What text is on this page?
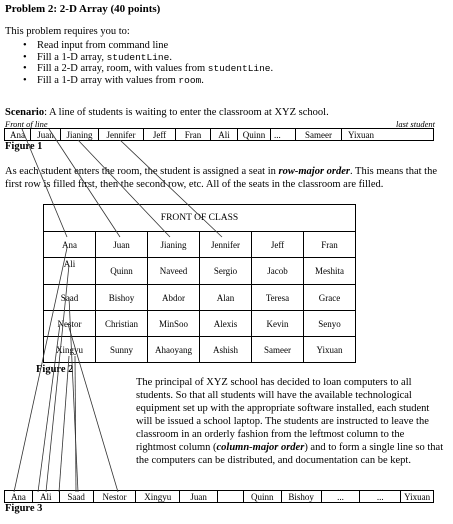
Problem 2: 2-D Array (40 points)
This problem requires you to:
• Read input from command line
• Fill a 1-D array, studentLine.
• Fill a 2-D array, room, with values from studentLine.
• Fill a 1-D array with values from room.
Scenario: A line of students is waiting to enter the classroom at XYZ school.
Front of line	last student
Ana	Juan	Jianing	Jennifer	Jeff	Fran	Ali	Quinn ...	Sameer	Yixuan
Figure 1
As each student enters the room, the student is assigned a seat in row-major order. This means that the first row is filled first, then the second row, etc. All of the seats in the classroom are filled.
FRONT OF CLASS					
Ana	Juan	Jianing	Jennifer	Jeff	Fran
Ali	Quinn	Naveed	Sergio	Jacob	Meshita
Saad	Bishoy	Abdor	Alan	Teresa	Grace
Nestor	Christian	MinSoo	Alexis	Kevin	Senyo
Xingyu	Sunny	Ahaoyang	Ashish	Sameer	Yixuan
Figure 2
The principal of XYZ school has decided to loan computers to all students. So that all students will have the available technological equipment set up with the appropriate software installed, each student will be issued a school laptop. The students are instructed to leave the classroom in an orderly fashion from the leftmost column to the rightmost column (column-major order) and to form a single line so that the computers can be distributed, and documentation can be kept.
Ana	Ali	Saad	Nestor	Xingyu	Juan	Quinn	Bishoy	...	...	Yixuan
Figure 3
